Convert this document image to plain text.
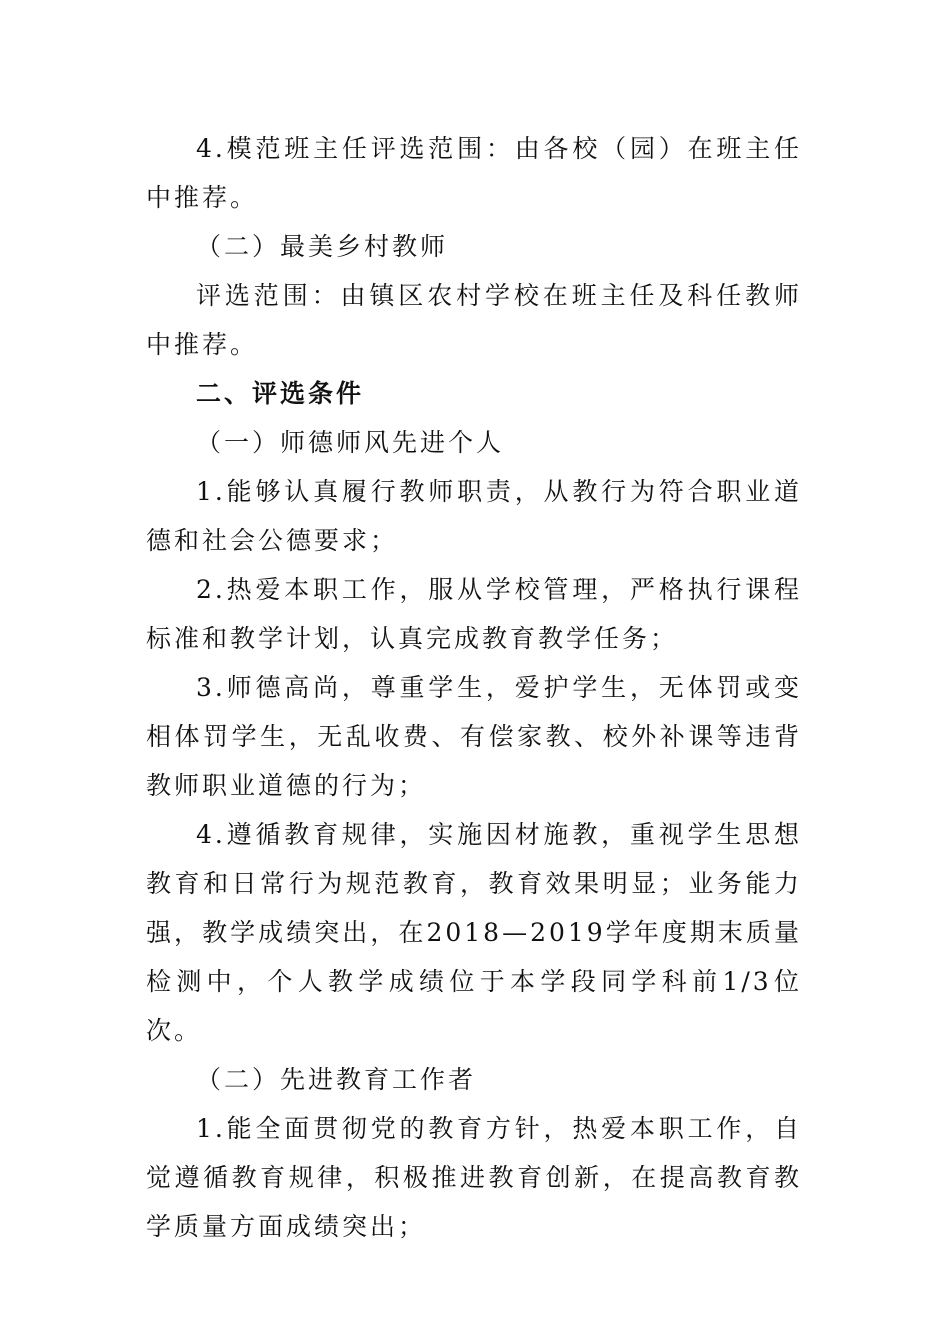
4.模范班主任评选范围：由各校（园）在班主任中推荐。

（二）最美乡村教师

评选范围：由镇区农村学校在班主任及科任教师中推荐。

二、评选条件

（一）师德师风先进个人

1.能够认真履行教师职责，从教行为符合职业道德和社会公德要求；

2.热爱本职工作，服从学校管理，严格执行课程标准和教学计划，认真完成教育教学任务；

3.师德高尚，尊重学生，爱护学生，无体罚或变相体罚学生，无乱收费、有偿家教、校外补课等违背教师职业道德的行为；

4.遵循教育规律，实施因材施教，重视学生思想教育和日常行为规范教育，教育效果明显；业务能力强，教学成绩突出，在2018—2019学年度期末质量检测中，个人教学成绩位于本学段同学科前1/3位次。

（二）先进教育工作者

1.能全面贯彻党的教育方针，热爱本职工作，自觉遵循教育规律，积极推进教育创新，在提高教育教学质量方面成绩突出；
